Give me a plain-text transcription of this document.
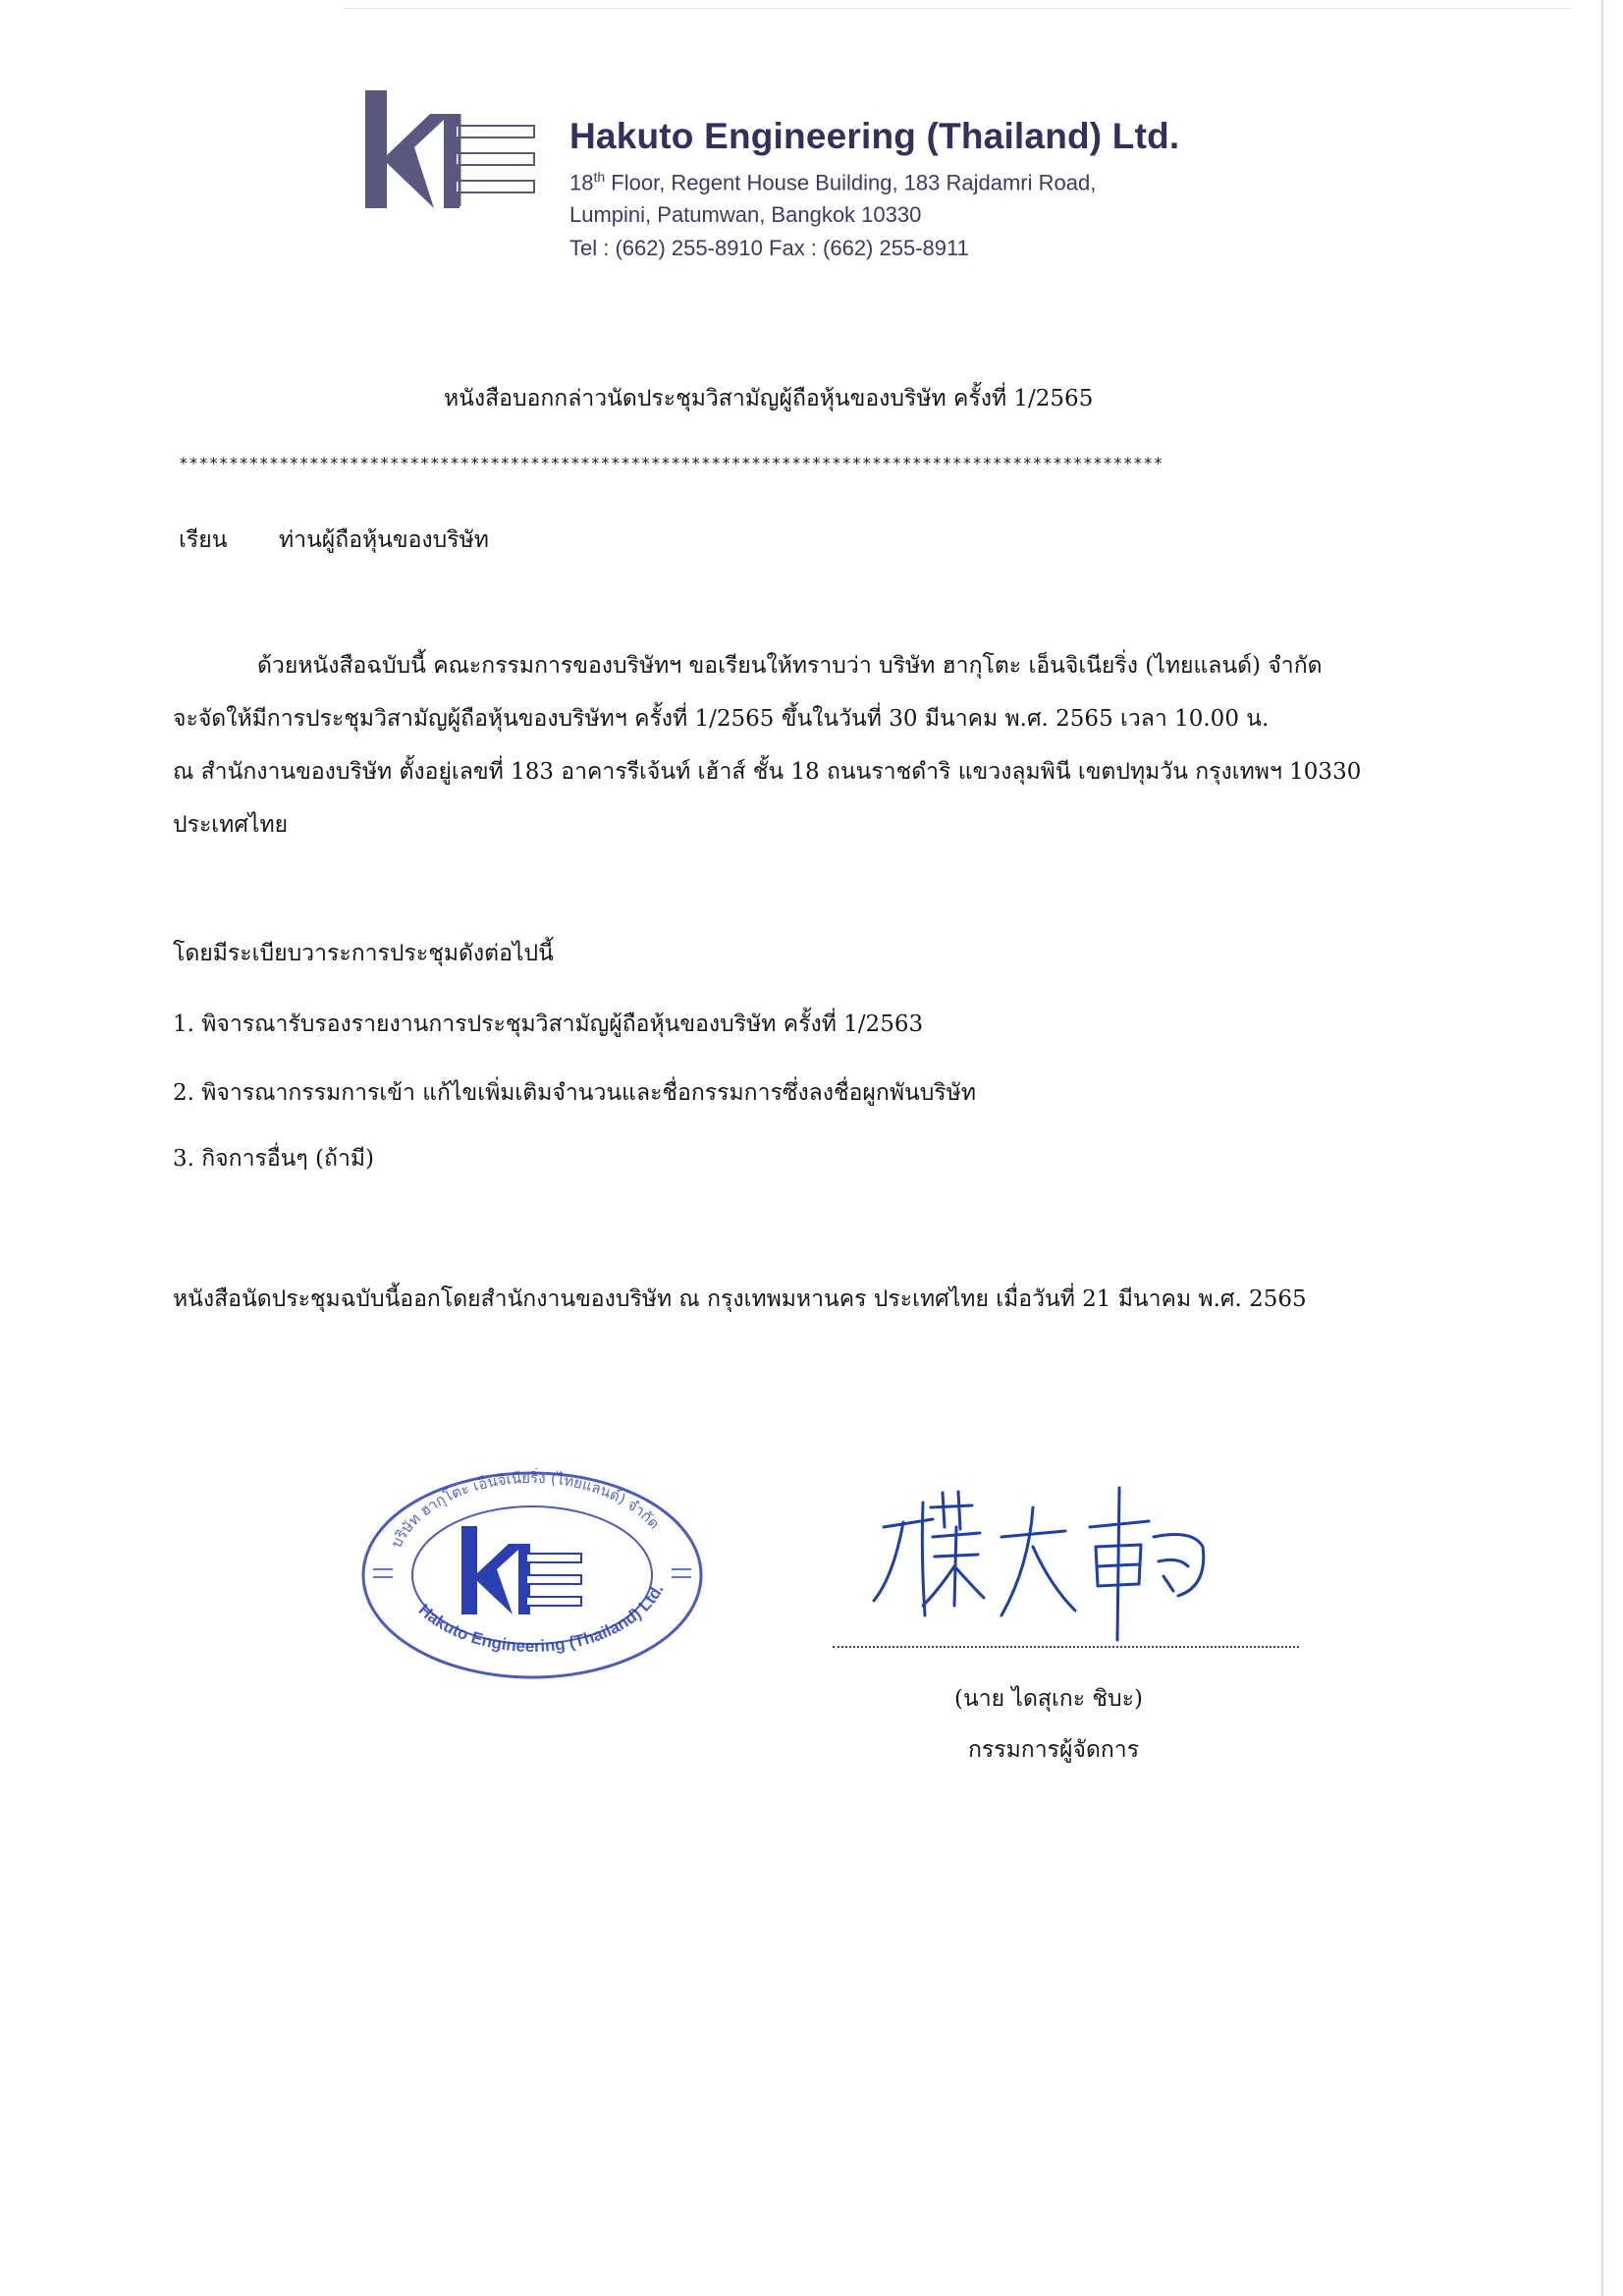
Hakuto Engineering (Thailand) Ltd.
18th Floor, Regent House Building, 183 Rajdamri Road,
Lumpini, Patumwan, Bangkok 10330
Tel : (662) 255-8910 Fax : (662) 255-8911
หนังสือบอกกล่าวนัดประชุมวิสามัญผู้ถือหุ้นของบริษัท ครั้งที่ 1/2565
**************************************************************************************************
เรียน ท่านผู้ถือหุ้นของบริษัท
ด้วยหนังสือฉบับนี้ คณะกรรมการของบริษัทฯ ขอเรียนให้ทราบว่า บริษัท ฮากุโตะ เอ็นจิเนียริ่ง (ไทยแลนด์) จำกัด
จะจัดให้มีการประชุมวิสามัญผู้ถือหุ้นของบริษัทฯ ครั้งที่ 1/2565 ขึ้นในวันที่ 30 มีนาคม พ.ศ. 2565 เวลา 10.00 น.
ณ สำนักงานของบริษัท ตั้งอยู่เลขที่ 183 อาคารรีเจ้นท์ เฮ้าส์ ชั้น 18 ถนนราชดำริ แขวงลุมพินี เขตปทุมวัน กรุงเทพฯ 10330
ประเทศไทย
โดยมีระเบียบวาระการประชุมดังต่อไปนี้
1. พิจารณารับรองรายงานการประชุมวิสามัญผู้ถือหุ้นของบริษัท ครั้งที่ 1/2563
2. พิจารณากรรมการเข้า แก้ไขเพิ่มเติมจำนวนและชื่อกรรมการซึ่งลงชื่อผูกพันบริษัท
3. กิจการอื่นๆ (ถ้ามี)
หนังสือนัดประชุมฉบับนี้ออกโดยสำนักงานของบริษัท ณ กรุงเทพมหานคร ประเทศไทย เมื่อวันที่ 21 มีนาคม พ.ศ. 2565
บริษัท ฮากุโตะ เอ็นจิเนียริ่ง (ไทยแลนด์) จำกัด
Hakuto Engineering (Thailand) Ltd.
(นาย ไดสุเกะ ชิบะ)
กรรมการผู้จัดการ
